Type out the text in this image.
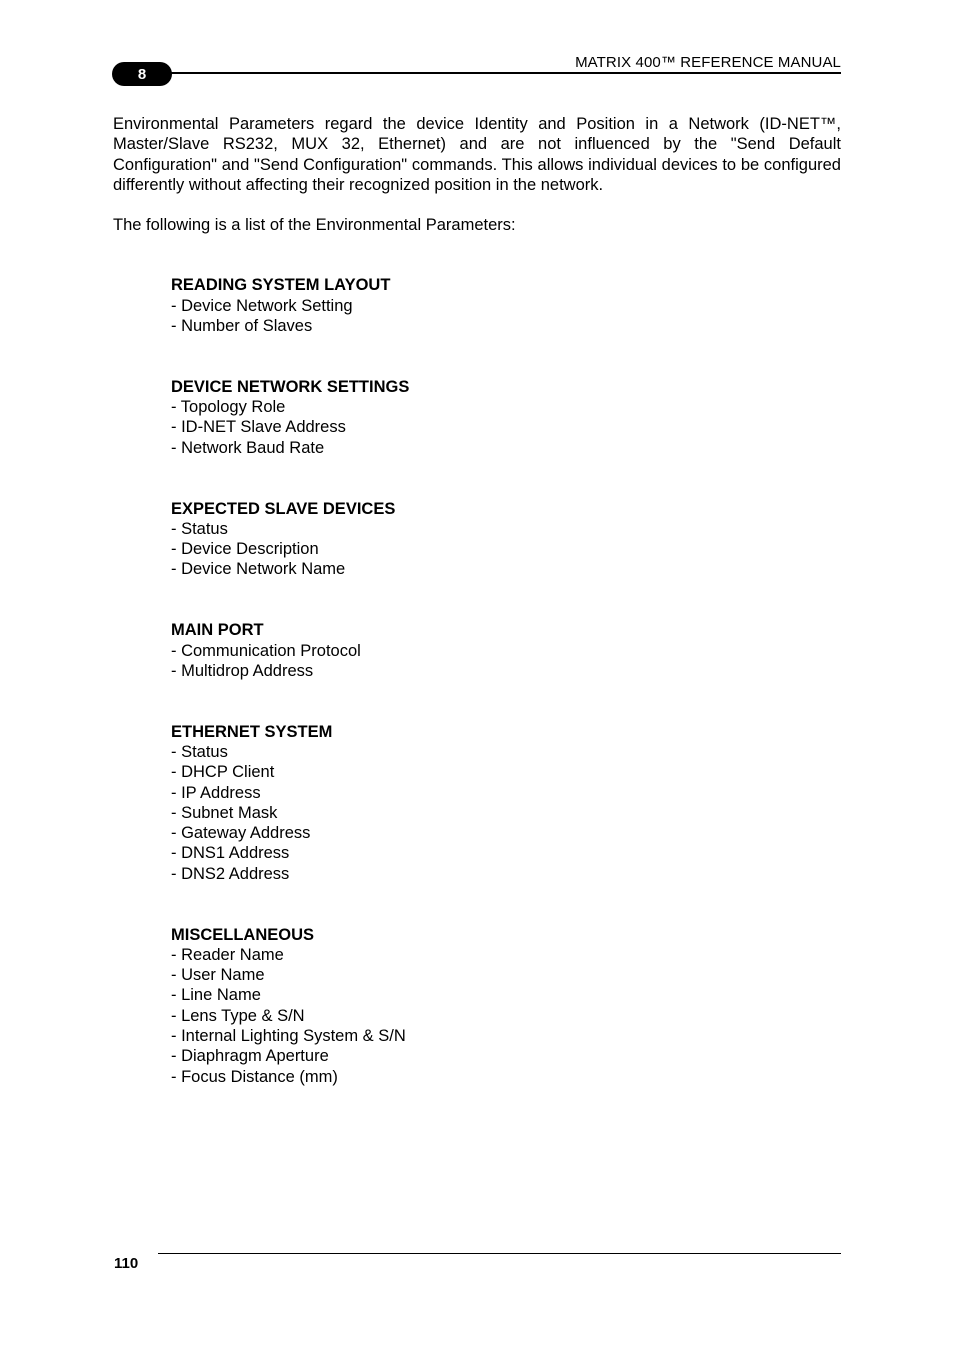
8
MATRIX 400™ REFERENCE MANUAL

Environmental Parameters regard the device Identity and Position in a Network (ID-NET™, Master/Slave RS232, MUX 32, Ethernet) and are not influenced by the "Send Default Configuration" and "Send Configuration" commands. This allows individual devices to be configured differently without affecting their recognized position in the network.

The following is a list of the Environmental Parameters:

READING SYSTEM LAYOUT

- Device Network Setting

- Number of Slaves

DEVICE NETWORK SETTINGS

- Topology Role

- ID-NET Slave Address

- Network Baud Rate

EXPECTED SLAVE DEVICES

- Status

- Device Description

- Device Network Name

MAIN PORT

- Communication Protocol

- Multidrop Address

ETHERNET SYSTEM

- Status

- DHCP Client

- IP Address

- Subnet Mask

- Gateway Address

- DNS1 Address

- DNS2 Address

MISCELLANEOUS

- Reader Name

- User Name

- Line Name

- Lens Type & S/N

- Internal Lighting System & S/N

- Diaphragm Aperture

- Focus Distance (mm)

110
